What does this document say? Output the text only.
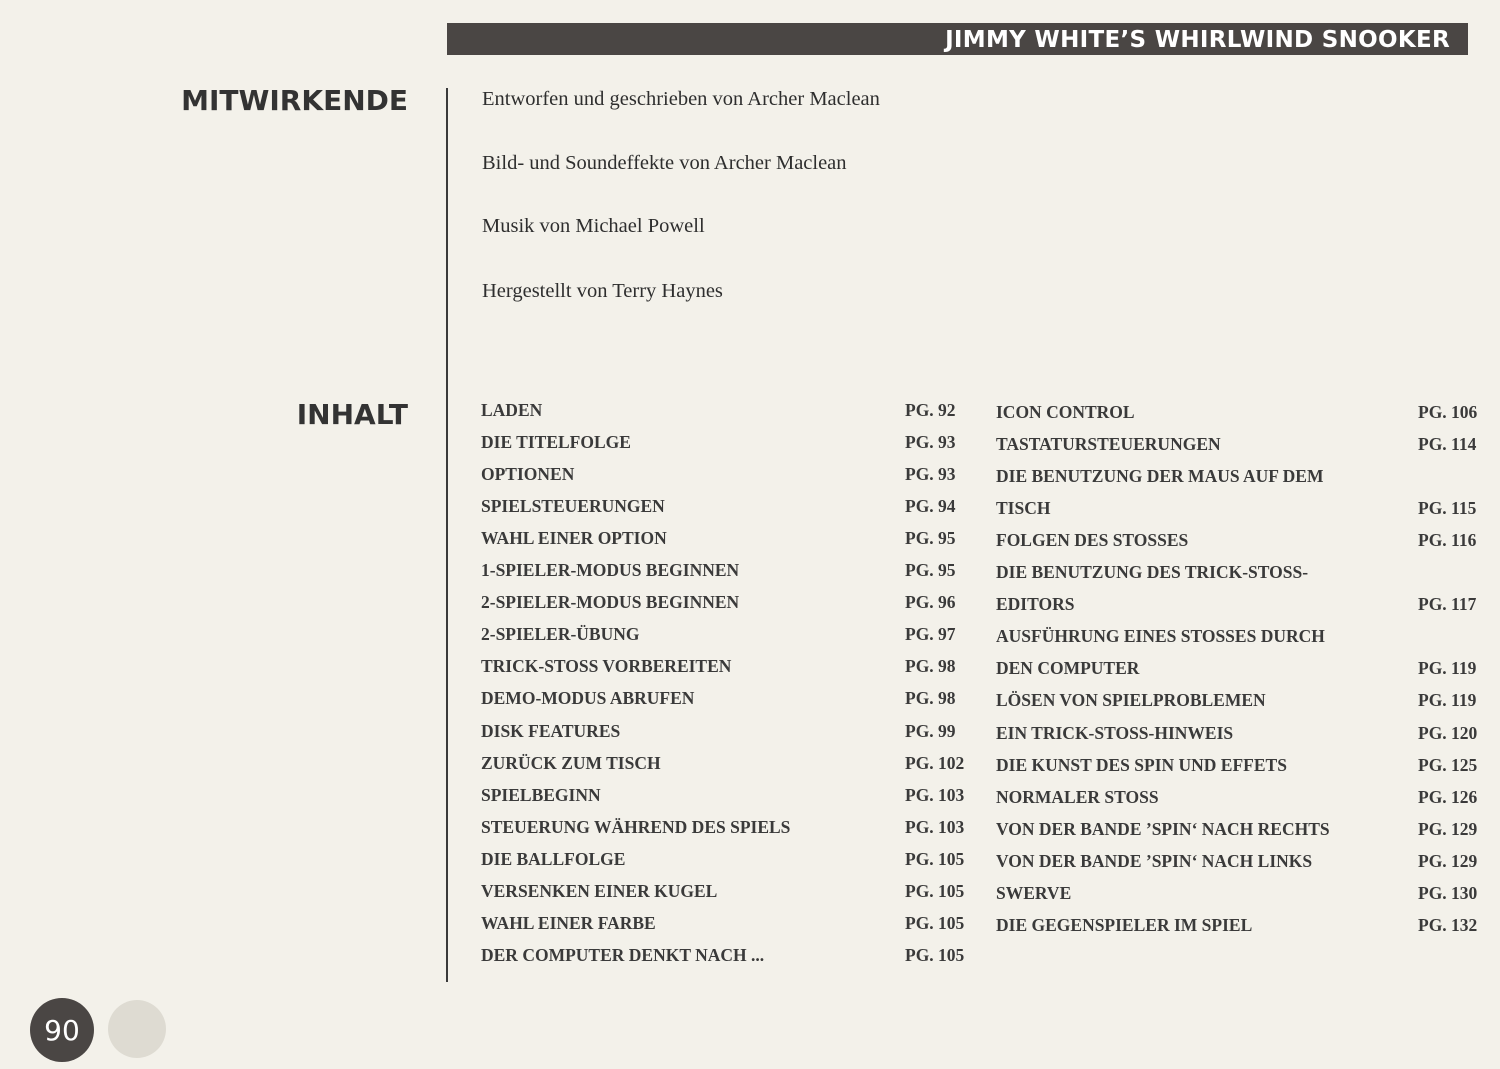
JIMMY WHITE’S WHIRLWIND SNOOKER
MITWIRKENDE	Entworfen und geschrieben von Archer Maclean
Bild- und Soundeffekte von Archer Maclean
Musik von Michael Powell
Hergestellt von Terry Haynes
INHALT	LADEN	PG. 92
DIE TITELFOLGE	PG. 93
OPTIONEN	PG. 93
SPIELSTEUERUNGEN	PG. 94
WAHL EINER OPTION	PG. 95
1-SPIELER-MODUS BEGINNEN	PG. 95
2-SPIELER-MODUS BEGINNEN	PG. 96
2-SPIELER-ÜBUNG	PG. 97
TRICK-STOSS VORBEREITEN	PG. 98
DEMO-MODUS ABRUFEN	PG. 98
DISK FEATURES	PG. 99
ZURÜCK ZUM TISCH	PG. 102
SPIELBEGINN	PG. 103
STEUERUNG WÄHREND DES SPIELS	PG. 103
DIE BALLFOLGE	PG. 105
VERSENKEN EINER KUGEL	PG. 105
WAHL EINER FARBE	PG. 105
DER COMPUTER DENKT NACH ...	PG. 105
ICON CONTROL	PG. 106
TASTATURSTEUERUNGEN	PG. 114
DIE BENUTZUNG DER MAUS AUF DEM
TISCH	PG. 115
FOLGEN DES STOSSES	PG. 116
DIE BENUTZUNG DES TRICK-STOSS-
EDITORS	PG. 117
AUSFÜHRUNG EINES STOSSES DURCH
DEN COMPUTER	PG. 119
LÖSEN VON SPIELPROBLEMEN	PG. 119
EIN TRICK-STOSS-HINWEIS	PG. 120
DIE KUNST DES SPIN UND EFFETS	PG. 125
NORMALER STOSS	PG. 126
VON DER BANDE ’SPIN‘ NACH RECHTS	PG. 129
VON DER BANDE ’SPIN‘ NACH LINKS	PG. 129
SWERVE	PG. 130
DIE GEGENSPIELER IM SPIEL	PG. 132
90
